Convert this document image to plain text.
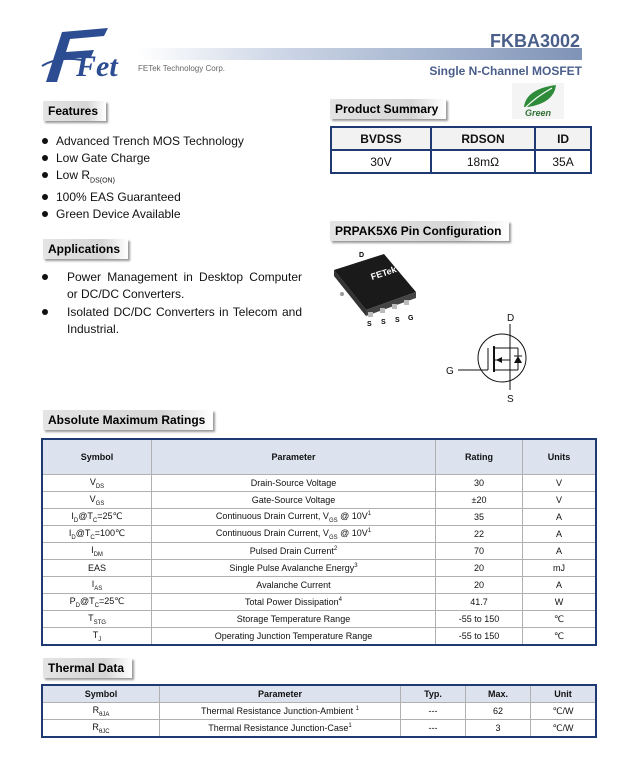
Fet
FKBA3002
FETek Technology Corp.	Single N-Channel MOSFET
Features
Advanced Trench MOS Technology
Low Gate Charge
Low $R_{DS(ON)}$
100% EAS Guaranteed
Green Device Available
Applications
Power Management in Desktop Computer or DC/DC Converters.
Isolated DC/DC Converters in Telecom and Industrial.
Product Summary	Green
BVDSS	RDSON	ID
30V	18mΩ	35A
PRPAK5X6 Pin Configuration
FETek
D
S S S G	D
G
S
Absolute Maximum Ratings
Symbol	Parameter	Rating	Units
$V_{DS}$	Drain-Source Voltage	30	V
$V_{GS}$	Gate-Source Voltage	±20	V
$I_D@T_C=25℃$	Continuous Drain Current, $V_{GS}$ @ $10V^1$	35	A
$I_D@T_C=100℃$	Continuous Drain Current, $V_{GS}$ @ $10V^1$	22	A
$I_{DM}$	Pulsed Drain Current$^2$	70	A
EAS	Single Pulse Avalanche Energy$^3$	20	mJ
$I_{AS}$	Avalanche Current	20	A
$P_D@T_C=25℃$	Total Power Dissipation$^4$	41.7	W
$T_{STG}$	Storage Temperature Range	-55 to 150	℃
$T_J$	Operating Junction Temperature Range	-55 to 150	℃
Thermal Data
Symbol	Parameter	Typ.	Max.	Unit
$R_{\theta JA}$	Thermal Resistance Junction-Ambient $^1$	---	62	℃/W
$R_{\theta JC}$	Thermal Resistance Junction-Case$^1$	---	3	℃/W
